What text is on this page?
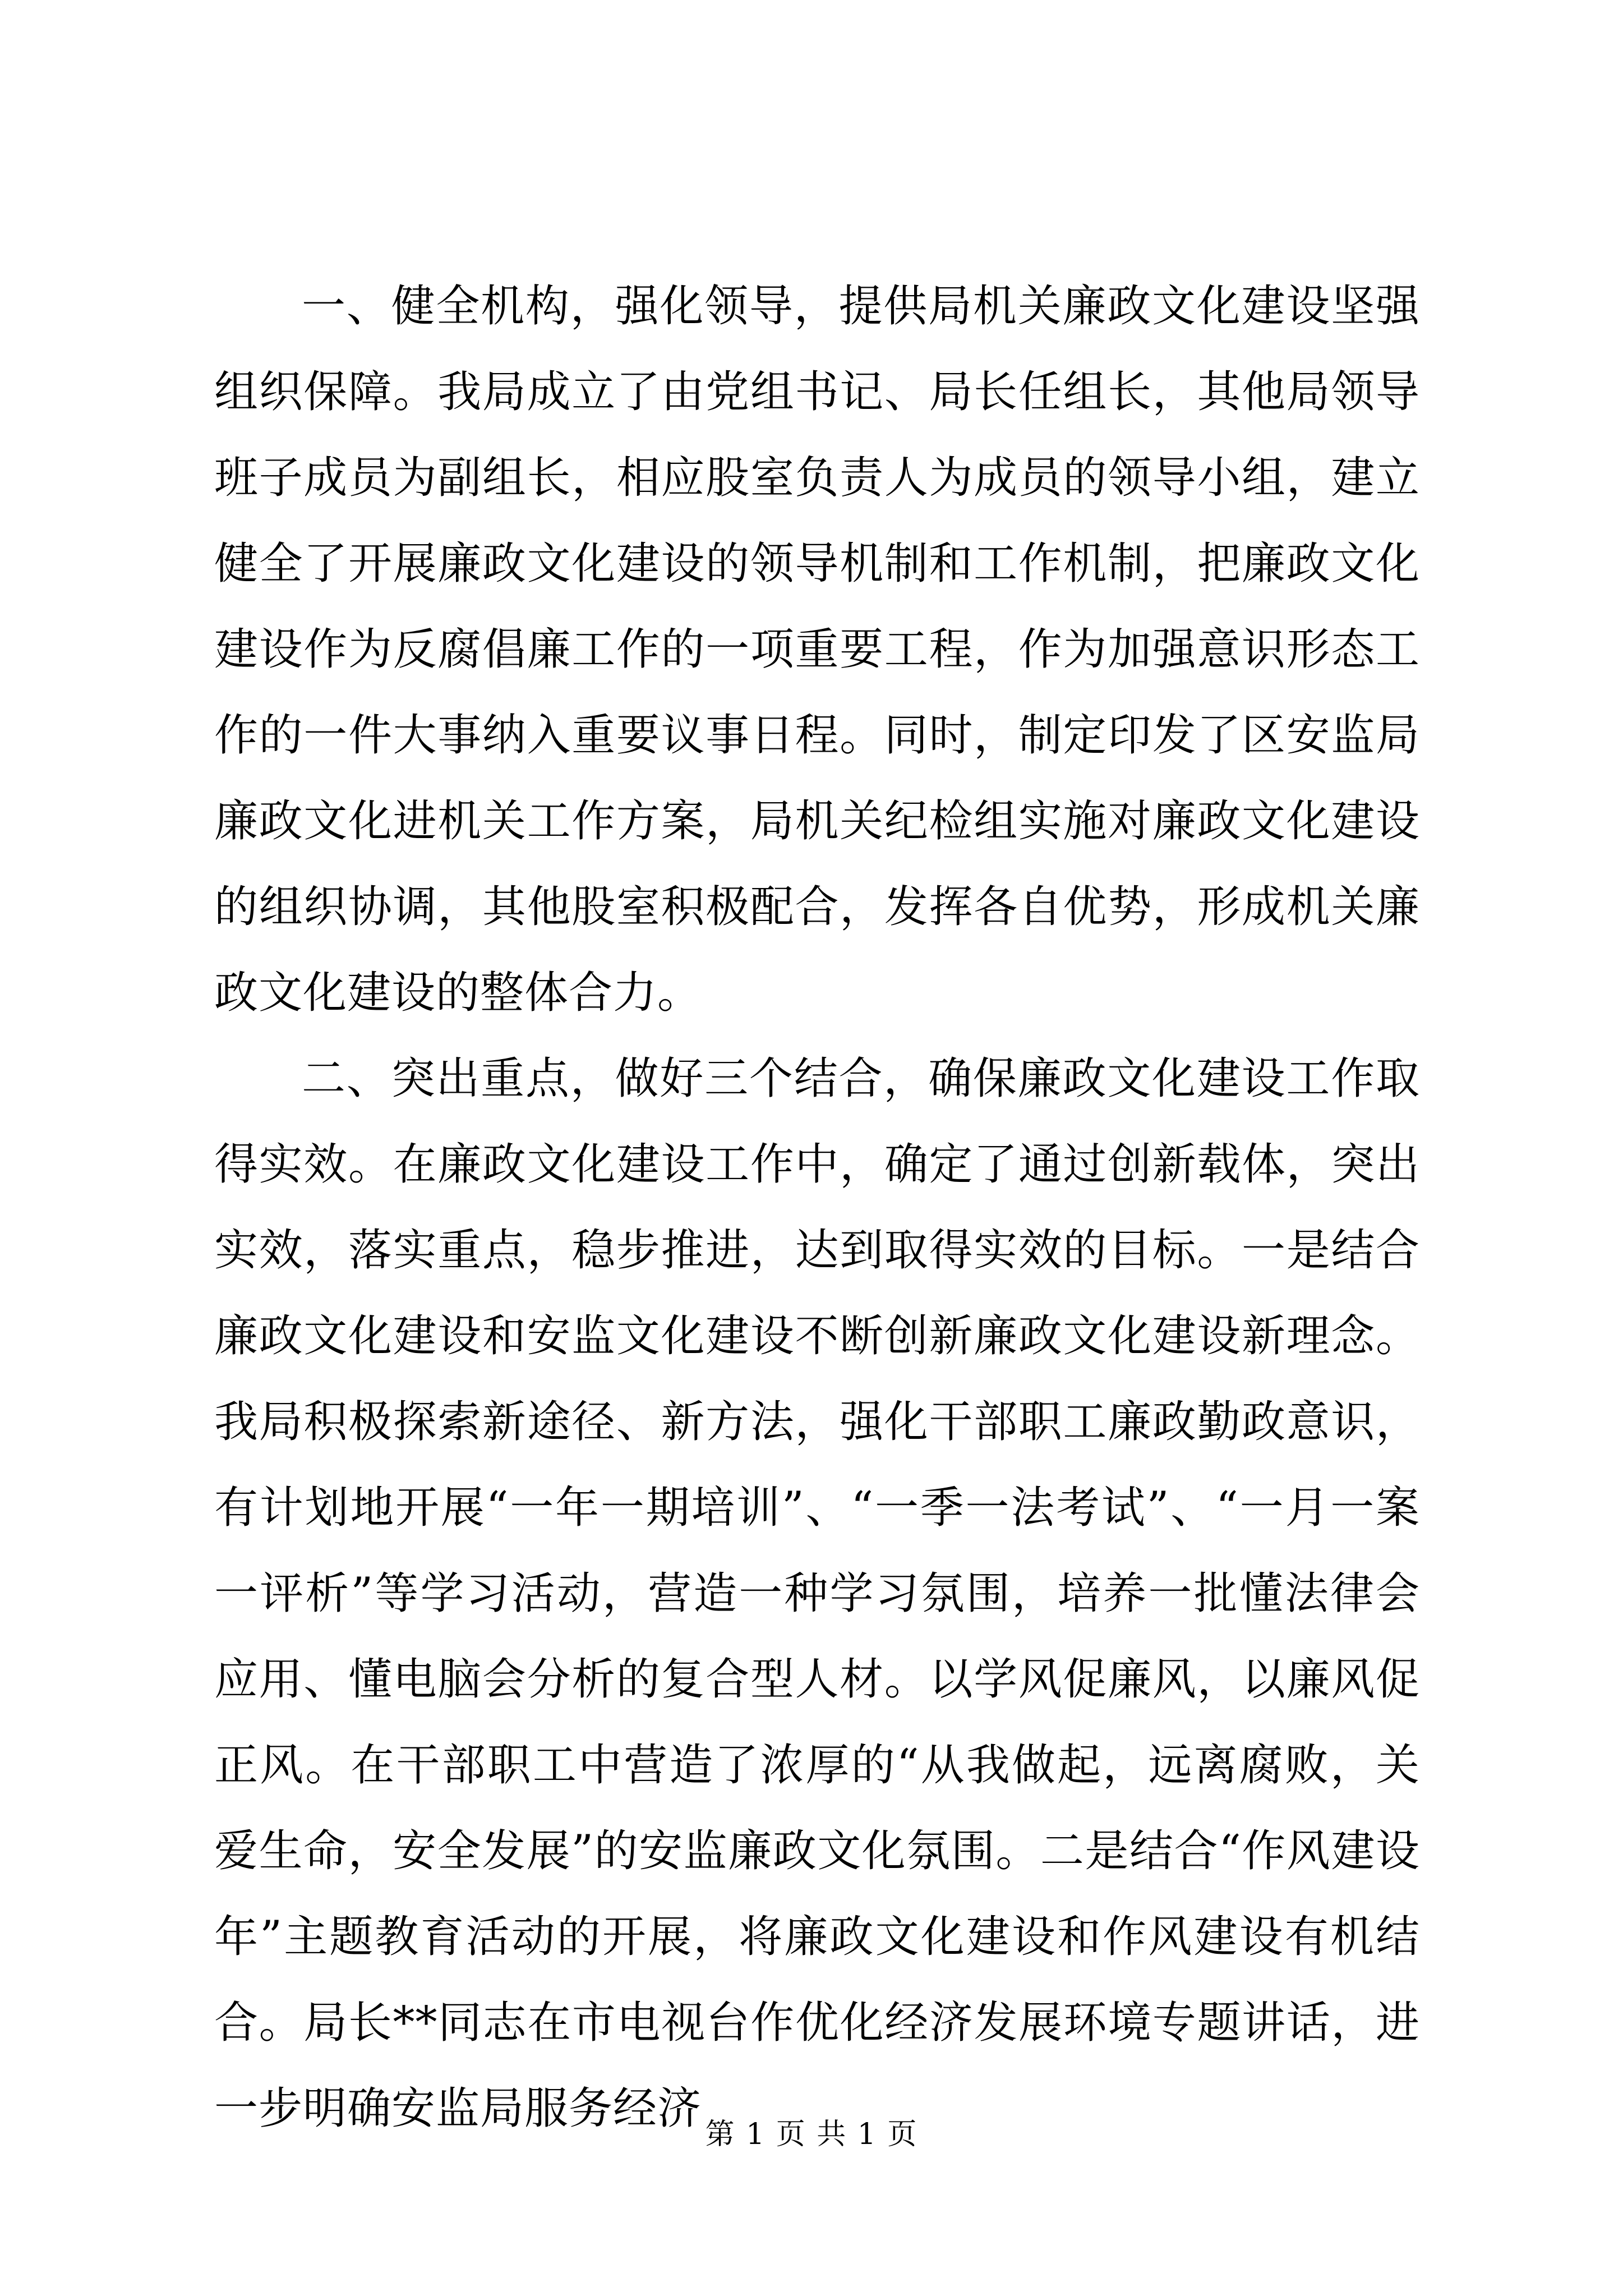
一、健全机构，强化领导，提供局机关廉政文化建设坚强组织保障。我局成立了由党组书记、局长任组长，其他局领导班子成员为副组长，相应股室负责人为成员的领导小组，建立健全了开展廉政文化建设的领导机制和工作机制，把廉政文化建设作为反腐倡廉工作的一项重要工程，作为加强意识形态工作的一件大事纳入重要议事日程。同时，制定印发了区安监局廉政文化进机关工作方案，局机关纪检组实施对廉政文化建设的组织协调，其他股室积极配合，发挥各自优势，形成机关廉政文化建设的整体合力。

二、突出重点，做好三个结合，确保廉政文化建设工作取得实效。在廉政文化建设工作中，确定了通过创新载体，突出实效，落实重点，稳步推进，达到取得实效的目标。一是结合廉政文化建设和安监文化建设不断创新廉政文化建设新理念。我局积极探索新途径、新方法，强化干部职工廉政勤政意识，有计划地开展“一年一期培训”、“一季一法考试”、“一月一案一评析”等学习活动，营造一种学习氛围，培养一批懂法律会应用、懂电脑会分析的复合型人材。以学风促廉风，以廉风促正风。在干部职工中营造了浓厚的“从我做起，远离腐败，关爱生命，安全发展”的安监廉政文化氛围。二是结合“作风建设年”主题教育活动的开展，将廉政文化建设和作风建设有机结合。局长**同志在市电视台作优化经济发展环境专题讲话，进一步明确安监局服务经济

第 1 页 共 1 页
